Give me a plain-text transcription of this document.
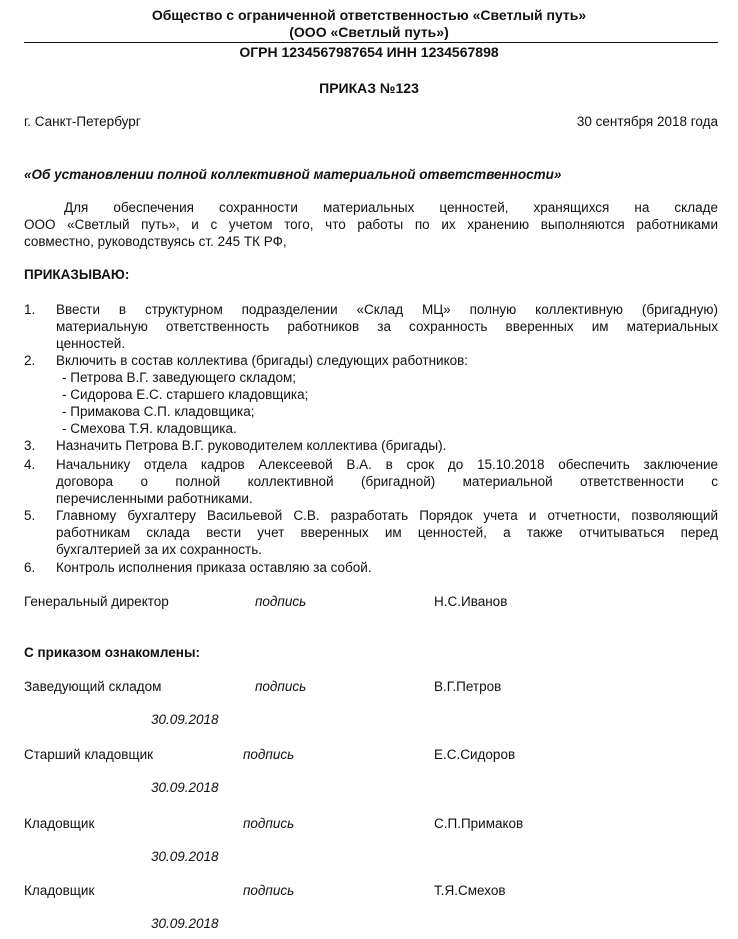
Общество с ограниченной ответственностью «Светлый путь»
(ООО «Светлый путь»)
ОГРН 1234567987654 ИНН 1234567898
ПРИКАЗ №123
г. Санкт-Петербург	30 сентября 2018 года
«Об установлении полной коллективной материальной ответственности»
Для обеспечения сохранности материальных ценностей, хранящихся на складе
ООО «Светлый путь», и с учетом того, что работы по их хранению выполняются работниками
совместно, руководствуясь ст. 245 ТК РФ,
ПРИКАЗЫВАЮ:
1. Ввести в структурном подразделении «Склад МЦ» полную коллективную (бригадную)
материальную ответственность работников за сохранность вверенных им материальных
ценностей.
2. Включить в состав коллектива (бригады) следующих работников:
- Петрова В.Г. заведующего складом;
- Сидорова Е.С. старшего кладовщика;
- Примакова С.П. кладовщика;
- Смехова Т.Я. кладовщика.
3. Назначить Петрова В.Г. руководителем коллектива (бригады).
4. Начальнику отдела кадров Алексеевой В.А. в срок до 15.10.2018 обеспечить заключение
договора о полной коллективной (бригадной) материальной ответственности с
перечисленными работниками.
5. Главному бухгалтеру Васильевой С.В. разработать Порядок учета и отчетности, позволяющий
работникам склада вести учет вверенных им ценностей, а также отчитываться перед
бухгалтерией за их сохранность.
6. Контроль исполнения приказа оставляю за собой.
Генеральный директор	подпись	Н.С.Иванов
С приказом ознакомлены:
Заведующий складом	подпись	В.Г.Петров
30.09.2018
Старший кладовщик	подпись	Е.С.Сидоров
30.09.2018
Кладовщик	подпись	С.П.Примаков
30.09.2018
Кладовщик	подпись	Т.Я.Смехов
30.09.2018
